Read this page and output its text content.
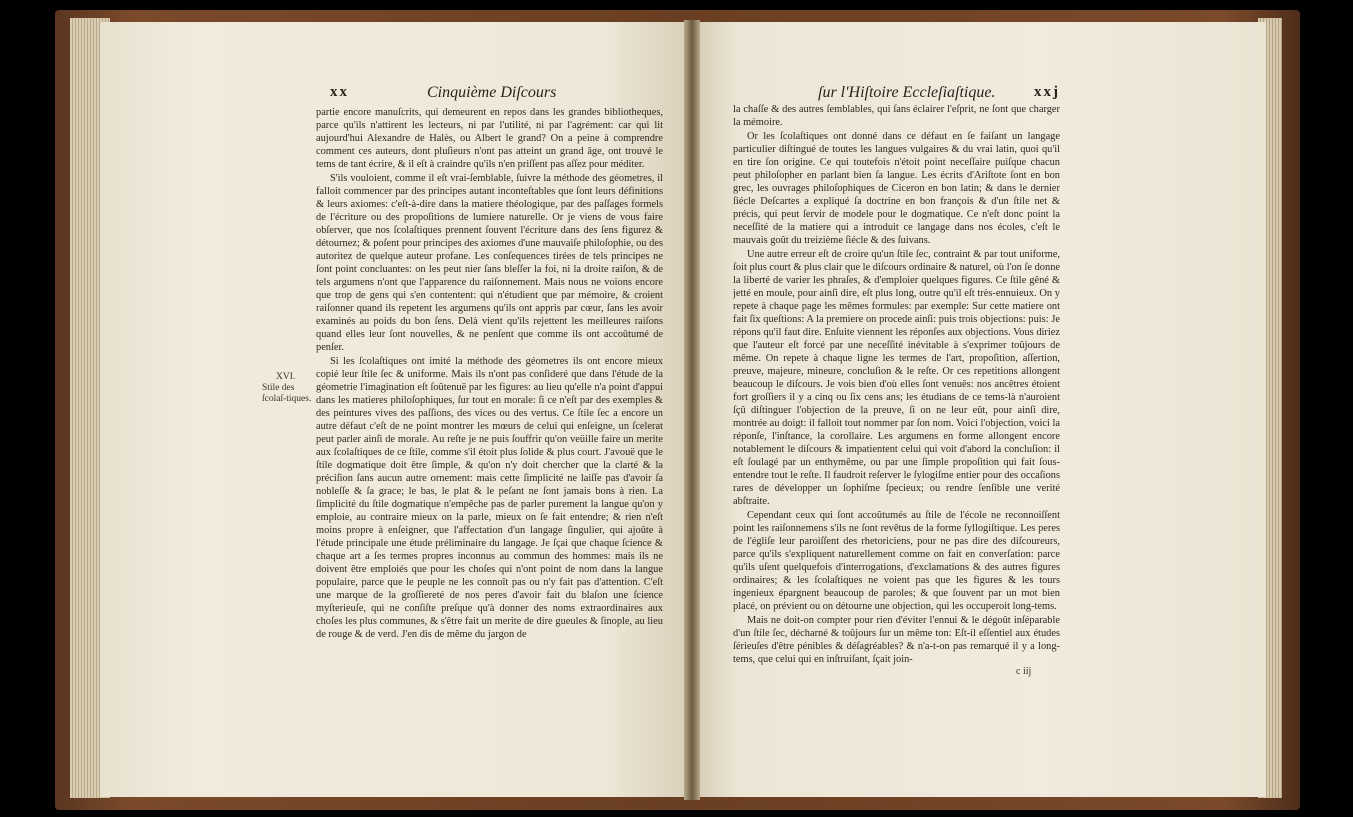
xx	Cinquième Diſcours
XVI.
Stile des ſcolaſ-tiques.

partie encore manuſcrits, qui demeurent en repos dans les grandes bibliotheques, parce qu'ils n'attirent les lecteurs, ni par l'utilité, ni par l'agrément: car qui lit aujourd'hui Alexandre de Halès, ou Albert le grand? On a peine à comprendre comment ces auteurs, dont pluſieurs n'ont pas atteint un grand âge, ont trouvé le tems de tant écrire, & il eſt à craindre qu'ils n'en priſſent pas aſſez pour méditer.

S'ils vouloient, comme il eſt vrai-ſemblable, ſuivre la méthode des géometres, il falloit commencer par des principes autant inconteſtables que ſont leurs définitions & leurs axiomes: c'eſt-à-dire dans la matiere théologique, par des paſſages formels de l'écriture ou des propoſitions de lumiere naturelle. Or je viens de vous faire obſerver, que nos ſcolaſtiques prennent ſouvent l'écriture dans des ſens figurez & détournez; & poſent pour principes des axiomes d'une mauvaiſe philoſophie, ou des autoritez de quelque auteur profane. Les conſequences tirées de tels principes ne ſont point concluantes: on les peut nier ſans bleſſer la foi, ni la droite raiſon, & de tels argumens n'ont que l'apparence du raiſonnement. Mais nous ne voions encore que trop de gens qui s'en contentent: qui n'étudient que par mémoire, & croient raiſonner quand ils repetent les argumens qu'ils ont appris par cœur, ſans les avoir examinés au poids du bon ſens. Delà vient qu'ils rejettent les meilleures raiſons quand elles leur ſont nouvelles, & ne penſent que comme ils ont accoûtumé de penſer.

Si les ſcolaſtiques ont imité la méthode des géometres ils ont encore mieux copié leur ſtile ſec & uniforme. Mais ils n'ont pas conſideré que dans l'étude de la géometrie l'imagination eſt ſoûtenuë par les figures: au lieu qu'elle n'a point d'appui dans les matieres philoſophiques, ſur tout en morale: ſi ce n'eſt par des exemples & des peintures vives des paſſions, des vices ou des vertus. Ce ſtile ſec a encore un autre défaut c'eſt de ne point montrer les mœurs de celui qui enſeigne, un ſcelerat peut parler ainſi de morale. Au reſte je ne puis ſouffrir qu'on veüille faire un merite aux ſcolaſtiques de ce ſtile, comme s'il étoit plus ſolide & plus court. J'avouë que le ſtile dogmatique doit être ſimple, & qu'on n'y doit chercher que la clarté & la préciſion ſans aucun autre ornement: mais cette ſimplicité ne laiſſe pas d'avoir ſa nobleſſe & ſa grace; le bas, le plat & le peſant ne ſont jamais bons à rien. La ſimplicité du ſtile dogmatique n'empêche pas de parler purement la langue qu'on y emploie, au contraire mieux on la parle, mieux on ſe fait entendre; & rien n'eſt moins propre à enſeigner, que l'affectation d'un langage ſingulier, qui ajoûte à l'étude principale une étude préliminaire du langage. Je ſçai que chaque ſcience & chaque art a ſes termes propres inconnus au commun des hommes: mais ils ne doivent être emploiés que pour les choſes qui n'ont point de nom dans la langue populaire, parce que le peuple ne les connoît pas ou n'y fait pas d'attention. C'eſt une marque de la groſſiereté de nos peres d'avoir fait du blaſon une ſcience myſterieuſe, qui ne conſiſte preſque qu'à donner des noms extraordinaires aux choſes les plus communes, & s'être fait un merite de dire gueules & ſinople, au lieu de rouge & de verd. J'en dis de même du jargon de

ſur l'Hiſtoire Eccleſiaſtique.	xxj

la chaſſe & des autres ſemblables, qui ſans éclairer l'eſprit, ne ſont que charger la mémoire.

Or les ſcolaſtiques ont donné dans ce défaut en ſe faiſant un langage particulier diſtingué de toutes les langues vulgaires & du vrai latin, quoi qu'il en tire ſon origine. Ce qui toutefois n'étoit point neceſſaire puiſque chacun peut philoſopher en parlant bien ſa langue. Les écrits d'Ariſtote ſont en bon grec, les ouvrages philoſophiques de Ciceron en bon latin; & dans le dernier ſiécle Deſcartes a expliqué ſa doctrine en bon françois & d'un ſtile net & précis, qui peut ſervir de modele pour le dogmatique. Ce n'eſt donc point la neceſſité de la matiere qui a introduit ce langage dans nos écoles, c'eſt le mauvais goût du treizième ſiécle & des ſuivans.

Une autre erreur eſt de croire qu'un ſtile ſec, contraint & par tout uniforme, ſoit plus court & plus clair que le diſcours ordinaire & naturel, où l'on ſe donne la liberté de varier les phraſes, & d'emploier quelques figures. Ce ſtile gêné & jetté en moule, pour ainſi dire, eſt plus long, outre qu'il eſt très-ennuieux. On y repete à chaque page les mêmes formules: par exemple: Sur cette matiere ont fait ſix queſtions: A la premiere on procede ainſi: puis trois objections: puis: Je répons qu'il faut dire. Enſuite viennent les réponſes aux objections. Vous diriez que l'auteur eſt forcé par une neceſſité inévitable à s'exprimer toûjours de même. On repete à chaque ligne les termes de l'art, propoſition, aſſertion, preuve, majeure, mineure, concluſion & le reſte. Or ces repetitions allongent beaucoup le diſcours. Je vois bien d'où elles ſont venuës: nos ancêtres étoient fort groſſiers il y a cinq ou ſix cens ans; les étudians de ce tems-là n'auroient ſçû diſtinguer l'objection de la preuve, ſi on ne leur eût, pour ainſi dire, montrée au doigt: il falloit tout nommer par ſon nom. Voici l'objection, voici la réponſe, l'inſtance, la corollaire. Les argumens en forme allongent encore notablement le diſcours & impatientent celui qui voit d'abord la concluſion: il eſt ſoulagé par un enthymême, ou par une ſimple propoſition qui fait ſous-entendre tout le reſte. Il faudroit reſerver le ſylogiſme entier pour des occaſions rares de développer un ſophiſme ſpecieux; ou rendre ſenſible une verité abſtraite.

Cependant ceux qui ſont accoûtumés au ſtile de l'école ne reconnoiſſent point les raiſonnemens s'ils ne ſont revêtus de la forme ſyllogiſtique. Les peres de l'égliſe leur paroiſſent des rhetoriciens, pour ne pas dire des diſcoureurs, parce qu'ils s'expliquent naturellement comme on fait en converſation: parce qu'ils uſent quelquefois d'interrogations, d'exclamations & des autres figures ordinaires; & les ſcolaſtiques ne voient pas que les figures & les tours ingenieux épargnent beaucoup de paroles; & que ſouvent par un mot bien placé, on prévient ou on détourne une objection, qui les occuperoit long-tems.

Mais ne doit-on compter pour rien d'éviter l'ennui & le dégoût inſéparable d'un ſtile ſec, décharné & toûjours ſur un même ton: Eſt-il eſſentiel aux études ſérieuſes d'être pénibles & déſagréables? & n'a-t-on pas remarqué il y a long-tems, que celui qui en inſtruiſant, ſçait join-

c iij
